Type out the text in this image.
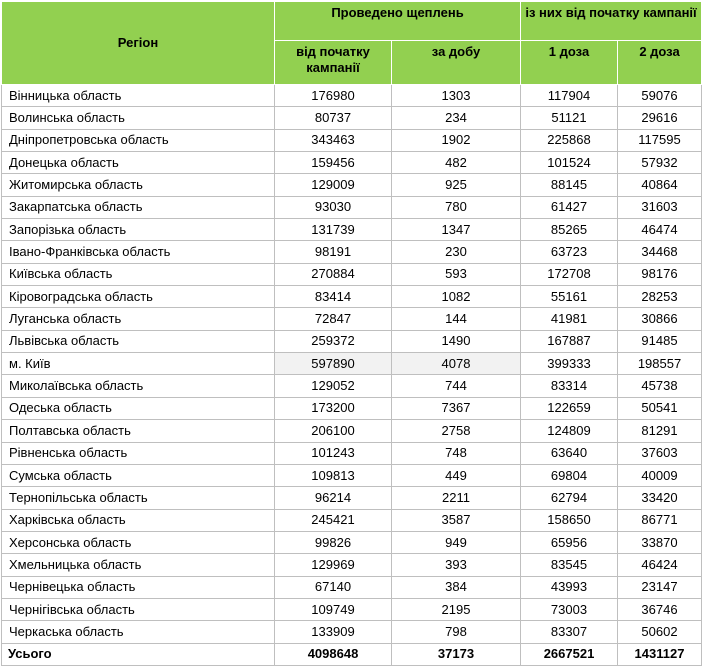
Регіон	Проведено щеплень		із них від початку кампанії	
	від початку кампанії	за добу	1 доза	2 доза
Вінницька область	176980	1303	117904	59076
Волинська область	80737	234	51121	29616
Дніпропетровська область	343463	1902	225868	117595
Донецька область	159456	482	101524	57932
Житомирська область	129009	925	88145	40864
Закарпатська область	93030	780	61427	31603
Запорізька область	131739	1347	85265	46474
Івано-Франківська область	98191	230	63723	34468
Київська область	270884	593	172708	98176
Кіровоградська область	83414	1082	55161	28253
Луганська область	72847	144	41981	30866
Львівська область	259372	1490	167887	91485
м. Київ	597890	4078	399333	198557
Миколаївська область	129052	744	83314	45738
Одеська область	173200	7367	122659	50541
Полтавська область	206100	2758	124809	81291
Рівненська область	101243	748	63640	37603
Сумська область	109813	449	69804	40009
Тернопільська область	96214	2211	62794	33420
Харківська область	245421	3587	158650	86771
Херсонська область	99826	949	65956	33870
Хмельницька область	129969	393	83545	46424
Чернівецька область	67140	384	43993	23147
Чернігівська область	109749	2195	73003	36746
Черкаська область	133909	798	83307	50602
Усього	4098648	37173	2667521	1431127
